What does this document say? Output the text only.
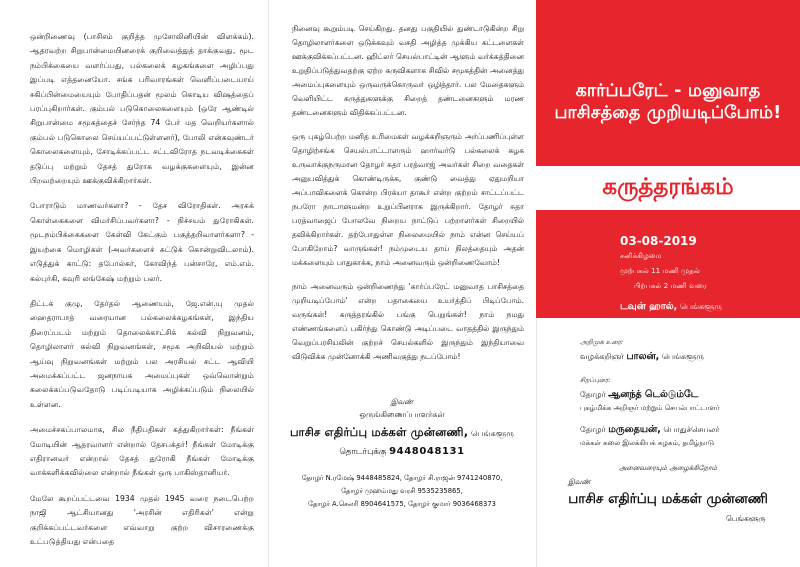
ஒன்றிணைவு (பாசிசம் குறித்த முசோலினியின் விளக்கம்). ஆதரவற்ற சிறுபான்மையினரைக் குறிவைத்துத் தாக்குவது, மூட நம்பிக்கையை வளர்ப்பது, பல்கலைக் கழகங்களை அழிப்பது இப்படி எத்தனையோ. சங்க பரிவாரங்கள் வெளிப்படையாய் சகிப்பின்மையையும் போதிப்பதன் மூலம் கொடிய விஷத்தைப் பரப்புகிறார்கள். கும்பல் படுகொலைகளையும் (ஒரே ஆண்டில் சிறுபான்மை சமூகத்தைச் சேர்ந்த 74 பேர் மத வெறியர்களால் கும்பல் படுகொலை செய்யப்பட்டுள்ளனர்), போலி என்கவுண்டர் கொலைகளையும், சோடிக்கப்பட்ட சட்டவிரோத நடவடிக்கைகள் தடுப்பு மற்றும் தேசத் துரோக வழக்குகளையும், இன்ன பிறவற்றையும் ஊக்குவிக்கிறார்கள்.

போராடும் மாணவர்களா? - தேச விரோதிகள். அரசுக் கொள்கைகளை விமர்சிப்பவர்களா? - நிச்சயம் துரோகிகள். மூடநம்பிக்கைகளை கேள்வி கேட்கும் பகுத்தறிவாளர்களா? - இயற்கை மொழிகள் (அவர்களைச் சுட்டுக் கொன்றுவிடலாம்). எடுத்துக் காட்டு: தபோல்கர், கோவிந்த் பன்சாரே, எம்.எம். கல்புர்கி, கவுரி லங்கேஷ் மற்றும் பலர்.

திட்டக் குழு, தேர்தல் ஆணையம், ஜே.என்.யு முதல் ஹைதராபாத் வரையான பல்கலைக்கழகங்கள், இந்திய திரைப்படம் மற்றும் தொலைக்காட்சிக் கல்வி நிறுவனம், தொழிலாளர் கல்வி நிறுவனங்கள், சமூக அறிவியல் மற்றும் ஆய்வு நிறுவனங்கள் மற்றும் பல அரசியல் சட்ட ஆவியி அமைக்கப்பட்ட ஜனநாயக அமைப்புகள் ஒவ்வொன்றும் கலைக்கப்படுவதோடு படிப்படியாக அழிக்கப்படும் நிலையில் உள்ளன.

அமைச்சகப்பாலமாக, சில நீதிபதிகள் கத்துகிறார்கள்: நீங்கள் மோடியின் ஆதரவாளர் என்றால் தேசபக்தர்! நீங்கள் மோடிக்கு எதிரானவர் என்றால் தேசத் துரோகி நீங்கள் மோடிக்கு வாக்களிக்கவில்லை என்றால் நீங்கள் ஒரு பாகிஸ்தானியர்.

மேலே கூறப்பட்டவை 1934 முதல் 1945 வரை நடைபெற்ற நாஜி ஆட்சியானது 'அரசின் எதிரிகள்' என்று குறிக்கப்பட்டவர்களை எவ்வாறு குற்ற விசாரணைக்கு உட்படுத்தியது என்பதை

நினைவு கூறும்படி செய்கிறது. தனது பகுதியில் துண்டாடுகின்ற சிறு தொழிலாளர்களை ஒடுக்கவும் வசதி அழித்த முக்கிய கட்டளைகள் ஊக்குவிக்கப்பட்டன. ஹிட்லர் செயல்பாட்டின் ஆளும் வர்க்கத்தினை உறுதிப்படுத்துவதற்கு ஏற்ற கருவிகளாக சிவில் சமூகத்தின் அனைத்து அமைப்புகளையும் ஒருவருக்கொருவர் ஒழித்தார். பல மேதைகளும் வெளியிட்ட கருத்துகளுக்கு சிறைத் தண்டனைகளும் மரண தண்டனைகளும் விதிக்கப்பட்டன.

ஒரு புகழ்பெற்ற மனித உரிமைகள் வழக்கறிஞரும் அர்ப்பணிப்புள்ள தொழிற்சங்க செயல்பாட்டாளரும் ஹார்வர்டு பல்கலைக் கழக உருவாக்குநருமான தோழர் சுதா பரத்வாஜ் அவர்கள் சிறை வதைகள் அனுபவித்துக் கொண்டிருக்க, குண்டு வைத்து ஏதுமறியா அப்பாவிகளைக் கொன்ற பிரக்யா தாகூர் என்ற குற்றம் சாட்டப்பட்ட நபரோ நாடாளுமன்ற உறுப்பினராக இருக்கிறார். தோழர் சுதா பரத்வாஜைப் போலவே நிறைய நாட்டுப் பற்றாளர்கள் சிறையில் தவிக்கிறார்கள். தற்போதுள்ள நிலைமையில் நாம் என்ன செய்யப் போகிறோம்? வாருங்கள்! நம்முடைய தாய் நிலத்தையும் அதன் மக்களையும் பாதுகாக்க, நாம் அனைவரும் ஒன்றிணைவோம்!

நாம் அனைவரும் ஒன்றிணைந்து 'கார்ப்பரேட் மனுவாத பாசிசத்தை முறியடிப்போம்' என்ற பதாகையை உயர்த்திப் பிடிப்போம். வருங்கள்! கருத்தரங்கில் பங்கு பெறுங்கள்! நாம் நமது எண்ணங்களைப் பகிர்ந்து கொண்டு அடிப்படை வாதத்தில் இருந்தும் வெறுப்பரசியலின் குற்றச் செயல்களில் இருந்தும் இந்தியாவை விடுவிக்க முன்னோக்கி அணிவகுத்து நடப்போம்!

இவண்
ஒருங்கிணைப்பாளர்கள்
பாசிச எதிர்ப்பு மக்கள் முன்னணி, பெங்களூரு
தொடர்புக்கு 9448048131
தோழர் N.ரமேஷ் 9448485824, தோழர் சி.ராஜன் 9741240870,
தோழர் முஹம்மது வரசி 9535235865,
தோழர் A.செலரி 8904641575, தோழர் குமார் 9036468373
கார்ப்பரேட் - மனுவாத
பாசிசத்தை முறியடிப்போம்!
கருத்தரங்கம்
03-08-2019
சனிக்கிழமை
முற்பகல் 11 மணி முதல்
பிற்பகல் 2 மணி வரை
டவுன் ஹால், பெங்களூரு
அறிமுக உரை:
வழக்கறிஞர் பாலன், பெங்களூரு
சிறப்புரை:
தோழர் ஆனந்த் டெல்டும்டே
புகழ்மிக்க அறிஞர் மற்றும் செயல்பாட்டாளர்
தோழர் மருதையன், பொதுச்செயலர்
மக்கள் கலை இலக்கியக் கழகம், தமிழ்நாடு
அனைவரையும் அழைக்கிறோம்
இவண்
பாசிச எதிர்ப்பு மக்கள் முன்னணி
பெங்களூரு
